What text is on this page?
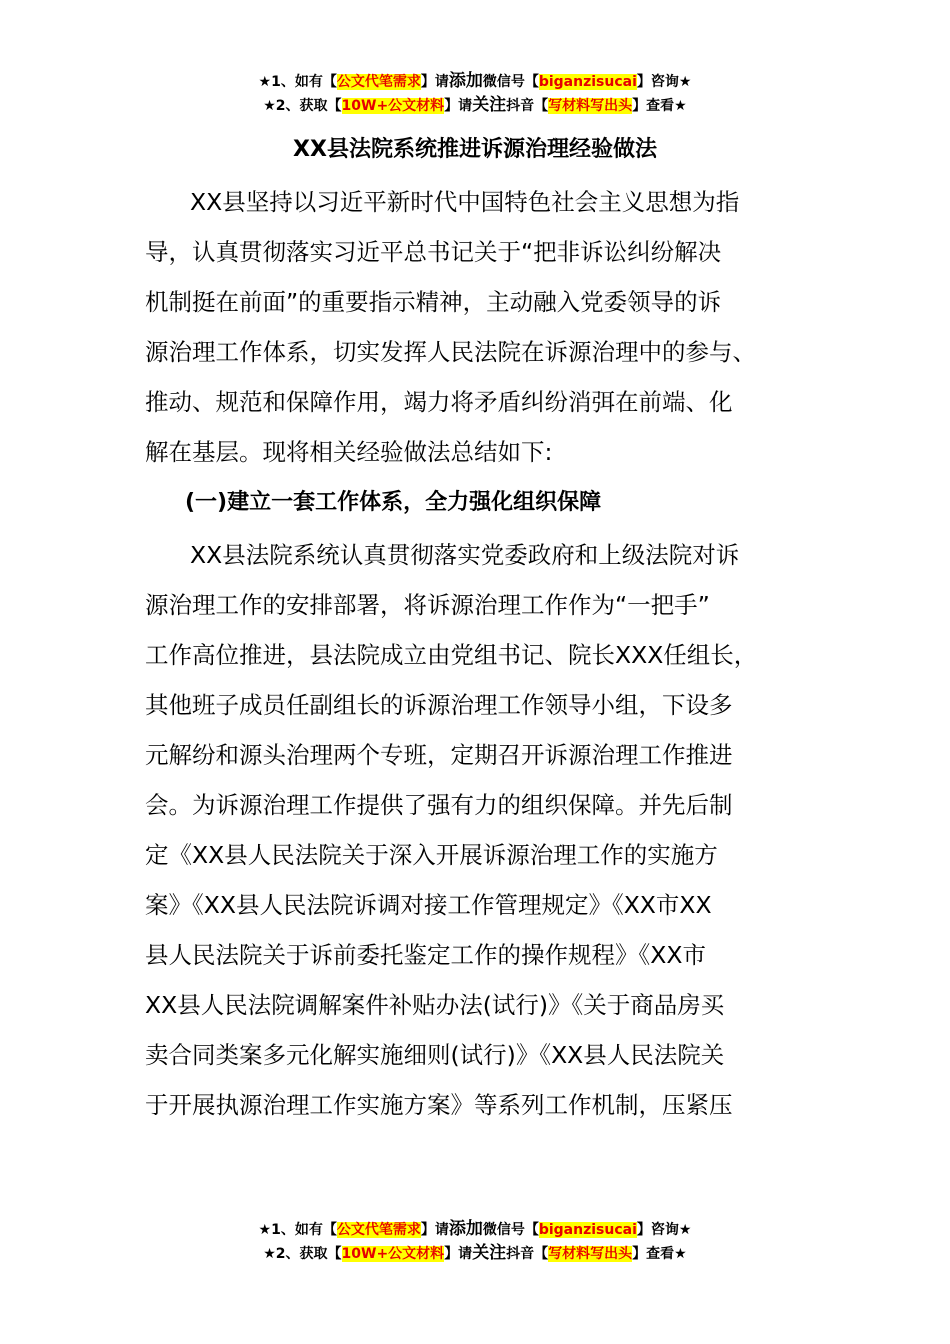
★1、如有【公文代笔需求】请添加微信号【biganzisucai】咨询★
★2、获取【10W+公文材料】请关注抖音【写材料写出头】查看★
XX县法院系统推进诉源治理经验做法
XX县坚持以习近平新时代中国特色社会主义思想为指
导，认真贯彻落实习近平总书记关于“把非诉讼纠纷解决
机制挺在前面”的重要指示精神，主动融入党委领导的诉
源治理工作体系，切实发挥人民法院在诉源治理中的参与、
推动、规范和保障作用，竭力将矛盾纠纷消弭在前端、化
解在基层。现将相关经验做法总结如下:
(一)建立一套工作体系，全力强化组织保障
XX县法院系统认真贯彻落实党委政府和上级法院对诉
源治理工作的安排部署，将诉源治理工作作为“一把手”
工作高位推进，县法院成立由党组书记、院长XXX任组长，
其他班子成员任副组长的诉源治理工作领导小组，下设多
元解纷和源头治理两个专班，定期召开诉源治理工作推进
会。为诉源治理工作提供了强有力的组织保障。并先后制
定《XX县人民法院关于深入开展诉源治理工作的实施方
案》《XX县人民法院诉调对接工作管理规定》《XX市XX
县人民法院关于诉前委托鉴定工作的操作规程》《XX市
XX县人民法院调解案件补贴办法(试行)》《关于商品房买
卖合同类案多元化解实施细则(试行)》《XX县人民法院关
于开展执源治理工作实施方案》等系列工作机制，压紧压
★1、如有【公文代笔需求】请添加微信号【biganzisucai】咨询★
★2、获取【10W+公文材料】请关注抖音【写材料写出头】查看★
